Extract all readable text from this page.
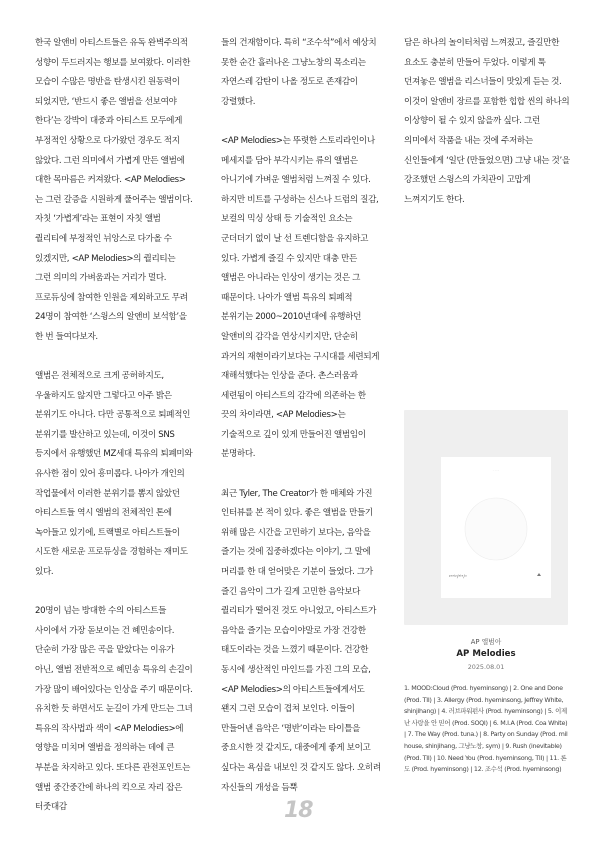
한국 알앤비 아티스트들은 유독 완벽주의적 성향이 두드러지는 행보를 보여왔다. 이러한 모습이 수많은 명반을 탄생시킨 원동력이 되었지만, ‘반드시 좋은 앨범을 선보여야 한다’는 강박이 대중과 아티스트 모두에게 부정적인 상황으로 다가왔던 경우도 적지 않았다. 그런 의미에서 가볍게 만든 앨범에 대한 목마름은 커져왔다. <AP Melodies>는 그런 갈증을 시원하게 풀어주는 앨범이다. 자칫 ‘가볍게’라는 표현이 자칫 앨범 퀄리티에 부정적인 뉘앙스로 다가올 수 있겠지만, <AP Melodies>의 퀄리티는 그런 의미의 가벼움과는 거리가 멀다. 프로듀싱에 참여한 인원을 제외하고도 무려 24명이 참여한 ‘스윙스의 알앤비 보석함’을 한 번 들여다보자.

앨범은 전체적으로 크게 공허하지도, 우울하지도 않지만 그렇다고 아주 밝은 분위기도 아니다. 다만 공통적으로 퇴폐적인 분위기를 발산하고 있는데, 이것이 SNS 등지에서 유행했던 MZ세대 특유의 퇴폐미와 유사한 점이 있어 흥미롭다. 나아가 개인의 작업물에서 이러한 분위기를 뽐지 않았던 아티스트들 역시 앨범의 전체적인 톤에 녹아들고 있기에, 트랙별로 아티스트들이 시도한 새로운 프로듀싱을 경험하는 재미도 있다.

20명이 넘는 방대한 수의 아티스트들 사이에서 가장 돋보이는 건 혜민송이다. 단순히 가장 많은 곡을 맡았다는 이유가 아닌, 앨범 전반적으로 혜민송 특유의 손길이 가장 많이 배어있다는 인상을 주기 때문이다. 유치한 듯 하면서도 눈길이 가게 만드는 그녀 특유의 작사법과 색이 <AP Melodies>에 영향을 미치며 앨범을 정의하는 데에 큰 부분을 차지하고 있다. 또다른 관전포인트는 앨범 중간중간에 하나의 킥으로 자리 잡은 터줏대감

들의 건재함이다. 특히 “조수석”에서 예상치 못한 순간 흘러나온 그냥노창의 목소리는 자연스레 감탄이 나올 정도로 존재감이 강렬했다.

<AP Melodies>는 뚜렷한 스토리라인이나 메세지를 담아 부각시키는 류의 앨범은 아니기에 가벼운 앨범처럼 느껴질 수 있다. 하지만 비트를 구성하는 신스나 드럼의 질감, 보컬의 믹싱 상태 등 기술적인 요소는 군더더기 없이 날 선 트렌디함을 유지하고 있다. 가볍게 즐길 수 있지만 대충 만든 앨범은 아니라는 인상이 생기는 것은 그 때문이다. 나아가 앨범 특유의 퇴폐적 분위기는 2000~2010년대에 유행하던 알앤비의 감각을 연상시키지만, 단순히 과거의 재현이라기보다는 구시대를 세련되게 재해석했다는 인상을 준다. 촌스러움과 세련됨이 아티스트의 감각에 의존하는 한 끗의 차이라면, <AP Melodies>는 기술적으로 깊이 있게 만들어진 앨범임이 분명하다.

최근 Tyler, The Creator가 한 매체와 가진 인터뷰를 본 적이 있다. 좋은 앨범을 만들기 위해 많은 시간을 고민하기 보다는, 음악을 즐기는 것에 집중하겠다는 이야기, 그 말에 머리를 한 대 얻어맞은 기분이 들었다. 그가 즐긴 음악이 그가 길게 고민한 음악보다 퀄리티가 떨어진 것도 아니었고, 아티스트가 음악을 즐기는 모습이야말로 가장 건강한 태도이라는 것을 느꼈기 때문이다. 건강한 동시에 생산적인 마인드를 가진 그의 모습, <AP Melodies>의 아티스트들에게서도 왠지 그런 모습이 겹쳐 보인다. 이들이 만들어낸 음악은 ‘명반’이라는 타이틀을 중요시한 것 같지도, 대중에게 좋게 보이고 싶다는 욕심을 내보인 것 같지도 않다. 오히려 자신들의 개성을 듬뿍

담은 하나의 놀이터처럼 느껴졌고, 즐길만한 요소도 충분히 만들어 두었다. 이렇게 툭 던져놓은 앨범을 리스너들이 맛있게 듣는 것. 이것이 알앤비 장르를 포함한 힙합 씬의 하나의 이상향이 될 수 있지 않을까 싶다. 그런 의미에서 작품을 내는 것에 주저하는 신인들에게 ‘일단 (만들었으면) 그냥 내는 것’을 강조했던 스윙스의 가치관이 고맙게 느껴지기도 한다.

· · · ·
ᵖᵃʳᵗʸ/ᵃᵗᵉ/ᵘ
AP 앨범아
AP Melodies
2025.08.01
1. MOOD:Cloud (Prod. hyeminsong) | 2. One and Done (Prod. TII) | 3. Allergy (Prod. hyeminsong, Jeffrey White, shinjihang) | 4. 러브파워펀사 (Prod. hyeminsong) | 5. 이제 난 사랑을 안 믿어 (Prod. SOQI) | 6. M.I.A (Prod. Coa White) | 7. The Way (Prod. tuna.) | 8. Party on Sunday (Prod. mil house, shinjihang, 그냥노창, sym) | 9. Rush (inevitable) (Prod. TII) | 10. Need You (Prod. hyeminsong, TII) | 11. 론도 (Prod. hyeminsong) | 12. 조수석 (Prod. hyeminsong)
18
